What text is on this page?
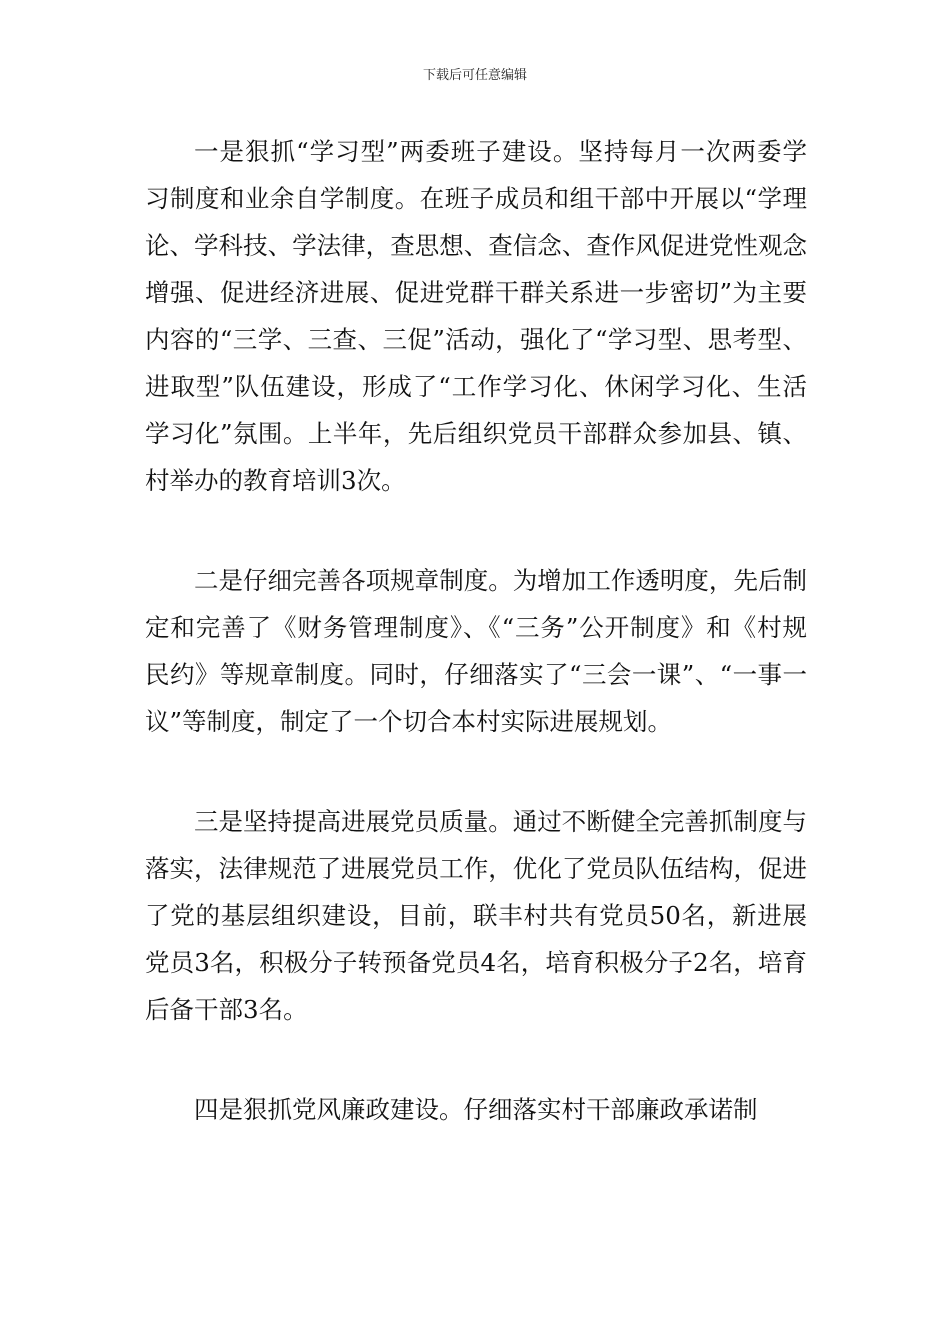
下载后可任意编辑

一是狠抓“学习型”两委班子建设。坚持每月一次两委学习制度和业余自学制度。在班子成员和组干部中开展以“学理论、学科技、学法律，查思想、查信念、查作风促进党性观念增强、促进经济进展、促进党群干群关系进一步密切”为主要内容的“三学、三查、三促”活动，强化了“学习型、思考型、进取型”队伍建设，形成了“工作学习化、休闲学习化、生活学习化”氛围。上半年，先后组织党员干部群众参加县、镇、村举办的教育培训3次。

二是仔细完善各项规章制度。为增加工作透明度，先后制定和完善了《财务管理制度》、《“三务”公开制度》和《村规民约》等规章制度。同时，仔细落实了“三会一课”、“一事一议”等制度，制定了一个切合本村实际进展规划。

三是坚持提高进展党员质量。通过不断健全完善抓制度与落实，法律规范了进展党员工作，优化了党员队伍结构，促进了党的基层组织建设，目前，联丰村共有党员50名，新进展党员3名，积极分子转预备党员4名，培育积极分子2名，培育后备干部3名。

四是狠抓党风廉政建设。仔细落实村干部廉政承诺制
